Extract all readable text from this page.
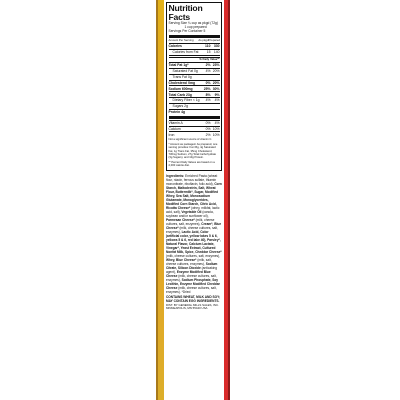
Nutrition Facts
Serving Size ¼ cup as pkgd (72g)
1 cup prepared
Servings Per Container 5
Amount Per Serving	As pkgd Prepared
Calories	110 330
Calories from Fat	15 140
% Daily Value**
Total Fat 1g*	2% 23%
Saturated Fat 0g	4% 20%
Trans Fat 0g
Cholesterol 0mg	0% 20%
Sodium 600mg	25% 30%
Total Carb 23g	8%	9%
Dietary Fiber < 1g	4%	4%
Sugars 2g
Protein 4g
Vitamin A	0%	4%
Calcium	0% 10%
Iron	2% 10%

Not a significant source of vitamin C.

* Amount as packaged. As prepared, one serving provides: Fat 15g, 4g Saturated Fat, 1g Trans Fat, 35mg Cholesterol, 730mg Sodium, 27g Total Carbohydrate (3g Sugars), and 10g Protein.

** Percent Daily Values are based on a 2,000 calorie diet.

Ingredients: Enriched Pasta (wheat flour, niacin, ferrous sulfate, thiamin mononitrate, riboflavin, folic acid), Corn Starch, Maltodextrin, Salt, Wheat Flour, Buttermilk*, Sugar, Modified Whey, Sea Salt, Monosodium Glutamate, Monoglycerides, Modified Corn Starch, Citric Acid, Ricotta Cheese* (whey, milkfat, lactic acid, salt), Vegetable Oil (canola, soybean and/or sunflower oil), Parmesan Cheese* (milk, cheese cultures, salt, enzymes), Cream*, Blue Cheese* (milk, cheese cultures, salt, enzymes), Lactic Acid, Color (artificial color, yellow lakes 5 & 6, yellows 5 & 6, red lake 40), Parsley*, Natural Flavor, Calcium Lactate, Vinegar*, Yeast Extract, Cultured Nonfat Milk, Spice, Cheddar Cheese* (milk, cheese cultures, salt, enzymes), Whey, Blue Cheese* (milk, salt, cheese cultures, enzymes), Sodium Citrate, Silicon Dioxide (anticaking agent), Enzyme Modified Blue Cheese (milk, cheese cultures, salt, enzymes), Sodium Phosphate, Soy Lecithin, Enzyme Modified Cheddar Cheese (milk, cheese cultures, salt, enzymes). *Dried
CONTAINS WHEAT, MILK AND SOY; MAY CONTAIN EGG INGREDIENTS.
DIST. BY GENERAL MILLS SALES, INC. MINNEAPOLIS, MN 55440 USA
